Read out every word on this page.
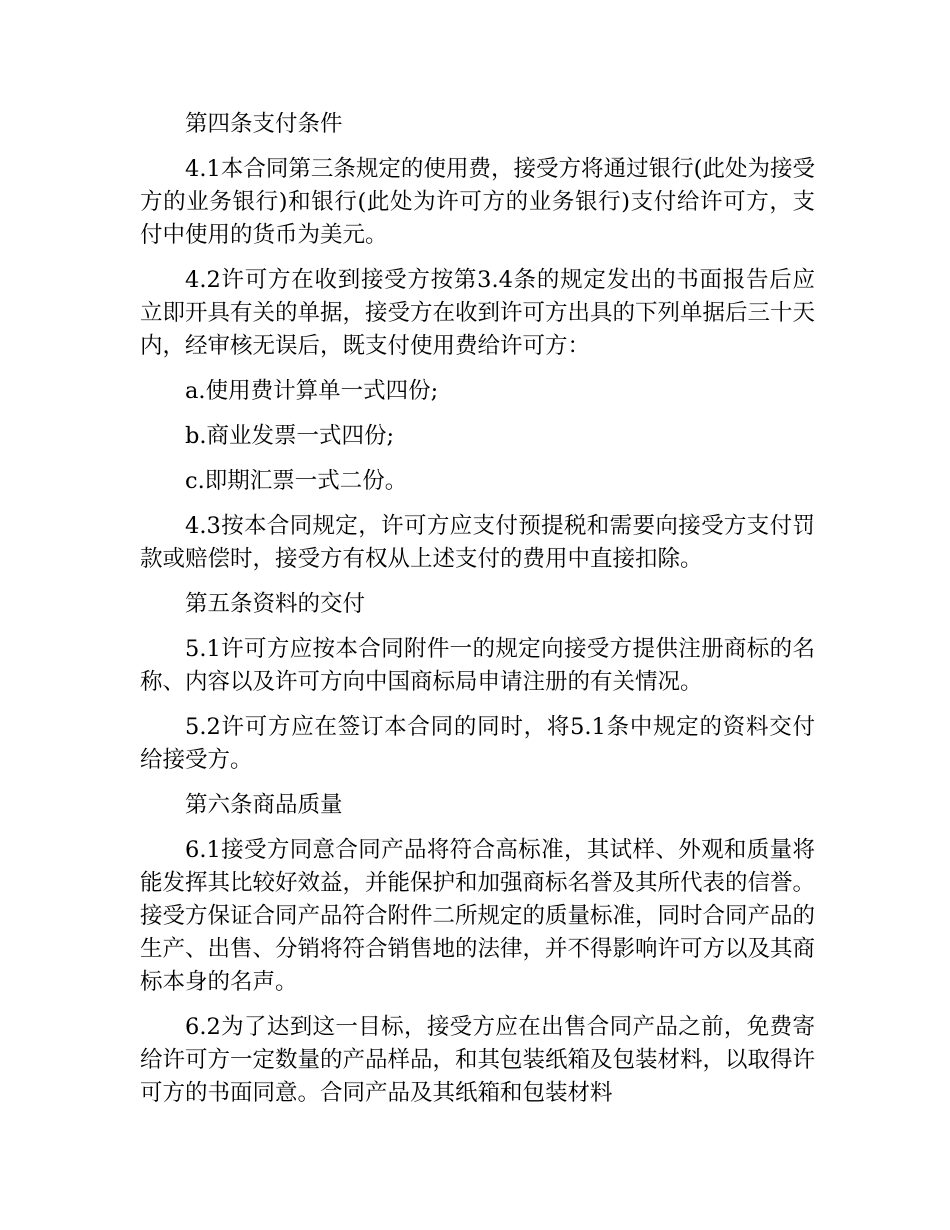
第四条支付条件

4.1本合同第三条规定的使用费，接受方将通过银行(此处为接受方的业务银行)和银行(此处为许可方的业务银行)支付给许可方，支付中使用的货币为美元。

4.2许可方在收到接受方按第3.4条的规定发出的书面报告后应立即开具有关的单据，接受方在收到许可方出具的下列单据后三十天内，经审核无误后，既支付使用费给许可方：

a.使用费计算单一式四份;

b.商业发票一式四份;

c.即期汇票一式二份。

4.3按本合同规定，许可方应支付预提税和需要向接受方支付罚款或赔偿时，接受方有权从上述支付的费用中直接扣除。

第五条资料的交付

5.1许可方应按本合同附件一的规定向接受方提供注册商标的名称、内容以及许可方向中国商标局申请注册的有关情况。

5.2许可方应在签订本合同的同时，将5.1条中规定的资料交付给接受方。

第六条商品质量

6.1接受方同意合同产品将符合高标准，其试样、外观和质量将能发挥其比较好效益，并能保护和加强商标名誉及其所代表的信誉。接受方保证合同产品符合附件二所规定的质量标准，同时合同产品的生产、出售、分销将符合销售地的法律，并不得影响许可方以及其商标本身的名声。

6.2为了达到这一目标，接受方应在出售合同产品之前，免费寄给许可方一定数量的产品样品，和其包装纸箱及包装材料，以取得许可方的书面同意。合同产品及其纸箱和包装材料
